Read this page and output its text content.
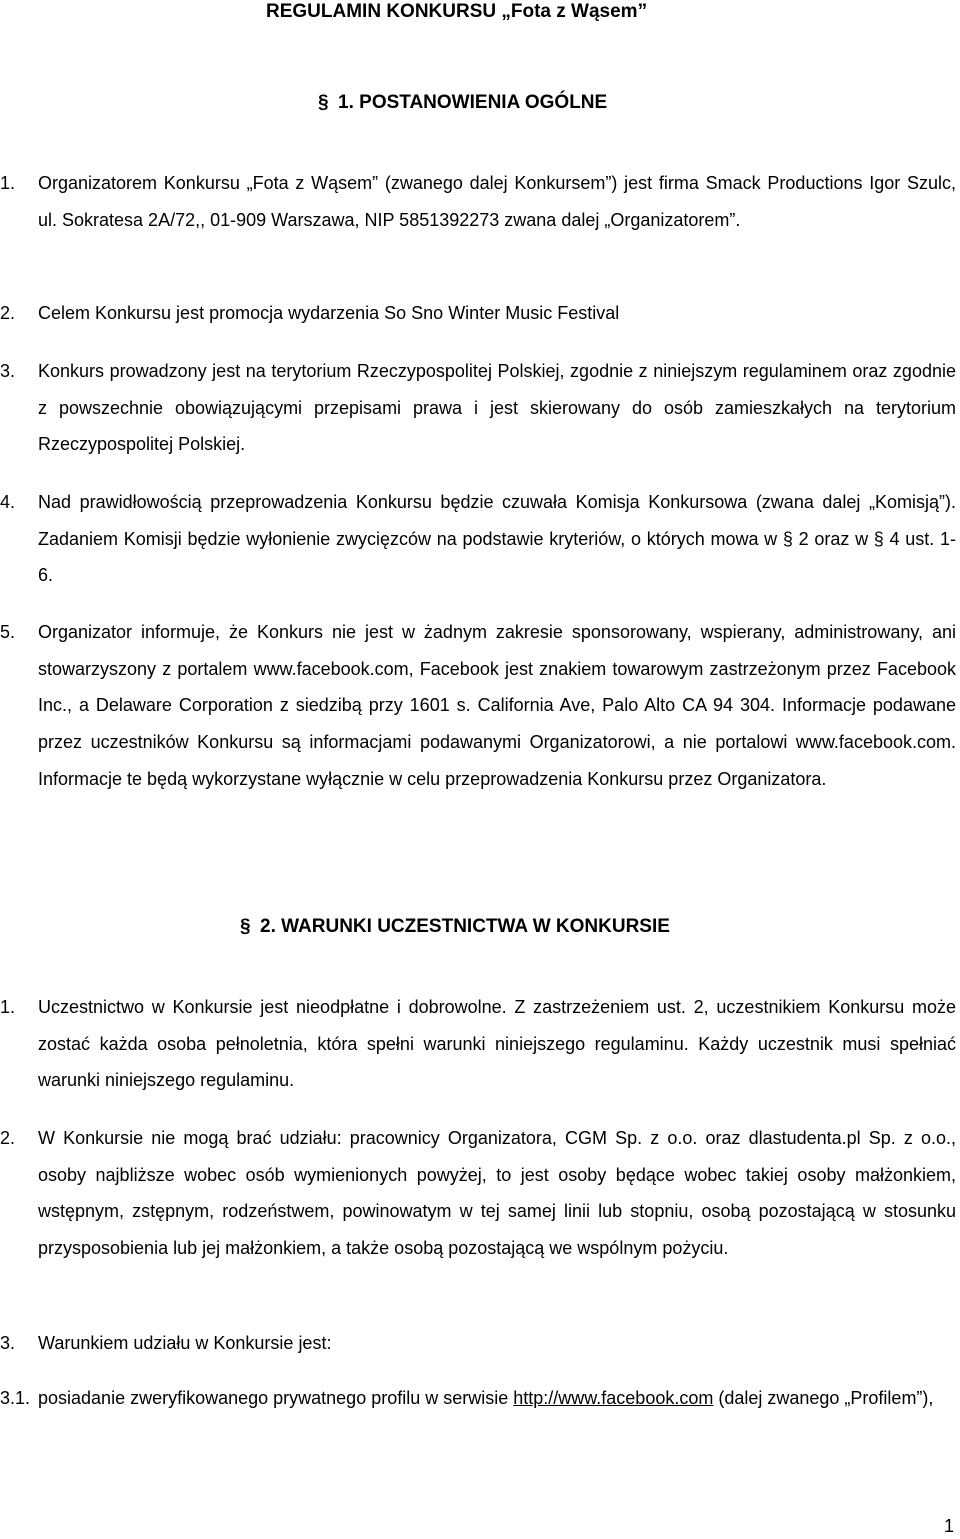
REGULAMIN KONKURSU „Fota z Wąsem”
§ 1. POSTANOWIENIA OGÓLNE
1.	Organizatorem Konkursu „Fota z Wąsem” (zwanego dalej Konkursem”) jest firma Smack Productions Igor Szulc, ul. Sokratesa 2A/72,, 01-909 Warszawa, NIP 5851392273 zwana dalej „Organizatorem”.
2.	Celem Konkursu jest promocja wydarzenia So Sno Winter Music Festival
3.	Konkurs prowadzony jest na terytorium Rzeczypospolitej Polskiej, zgodnie z niniejszym regulaminem oraz zgodnie z powszechnie obowiązującymi przepisami prawa i jest skierowany do osób zamieszkałych na terytorium Rzeczypospolitej Polskiej.
4.	Nad prawidłowością przeprowadzenia Konkursu będzie czuwała Komisja Konkursowa (zwana dalej „Komisją”). Zadaniem Komisji będzie wyłonienie zwycięzców na podstawie kryteriów, o których mowa w § 2 oraz w § 4 ust. 1- 6.
5.	Organizator informuje, że Konkurs nie jest w żadnym zakresie sponsorowany, wspierany, administrowany, ani stowarzyszony z portalem www.facebook.com, Facebook jest znakiem towarowym zastrzeżonym przez Facebook Inc., a Delaware Corporation z siedzibą przy 1601 s. California Ave, Palo Alto CA 94 304. Informacje podawane przez uczestników Konkursu są informacjami podawanymi Organizatorowi, a nie portalowi www.facebook.com. Informacje te będą wykorzystane wyłącznie w celu przeprowadzenia Konkursu przez Organizatora.
§ 2. WARUNKI UCZESTNICTWA W KONKURSIE
1.	Uczestnictwo w Konkursie jest nieodpłatne i dobrowolne. Z zastrzeżeniem ust. 2, uczestnikiem Konkursu może zostać każda osoba pełnoletnia, która spełni warunki niniejszego regulaminu. Każdy uczestnik musi spełniać warunki niniejszego regulaminu.
2.	W Konkursie nie mogą brać udziału: pracownicy Organizatora, CGM Sp. z o.o. oraz dlastudenta.pl Sp. z o.o., osoby najbliższe wobec osób wymienionych powyżej, to jest osoby będące wobec takiej osoby małżonkiem, wstępnym, zstępnym, rodzeństwem, powinowatym w tej samej linii lub stopniu, osobą pozostającą w stosunku przysposobienia lub jej małżonkiem, a także osobą pozostającą we wspólnym pożyciu.
3.	Warunkiem udziału w Konkursie jest:
3.1. posiadanie zweryfikowanego prywatnego profilu w serwisie http://www.facebook.com (dalej zwanego „Profilem”),
1
